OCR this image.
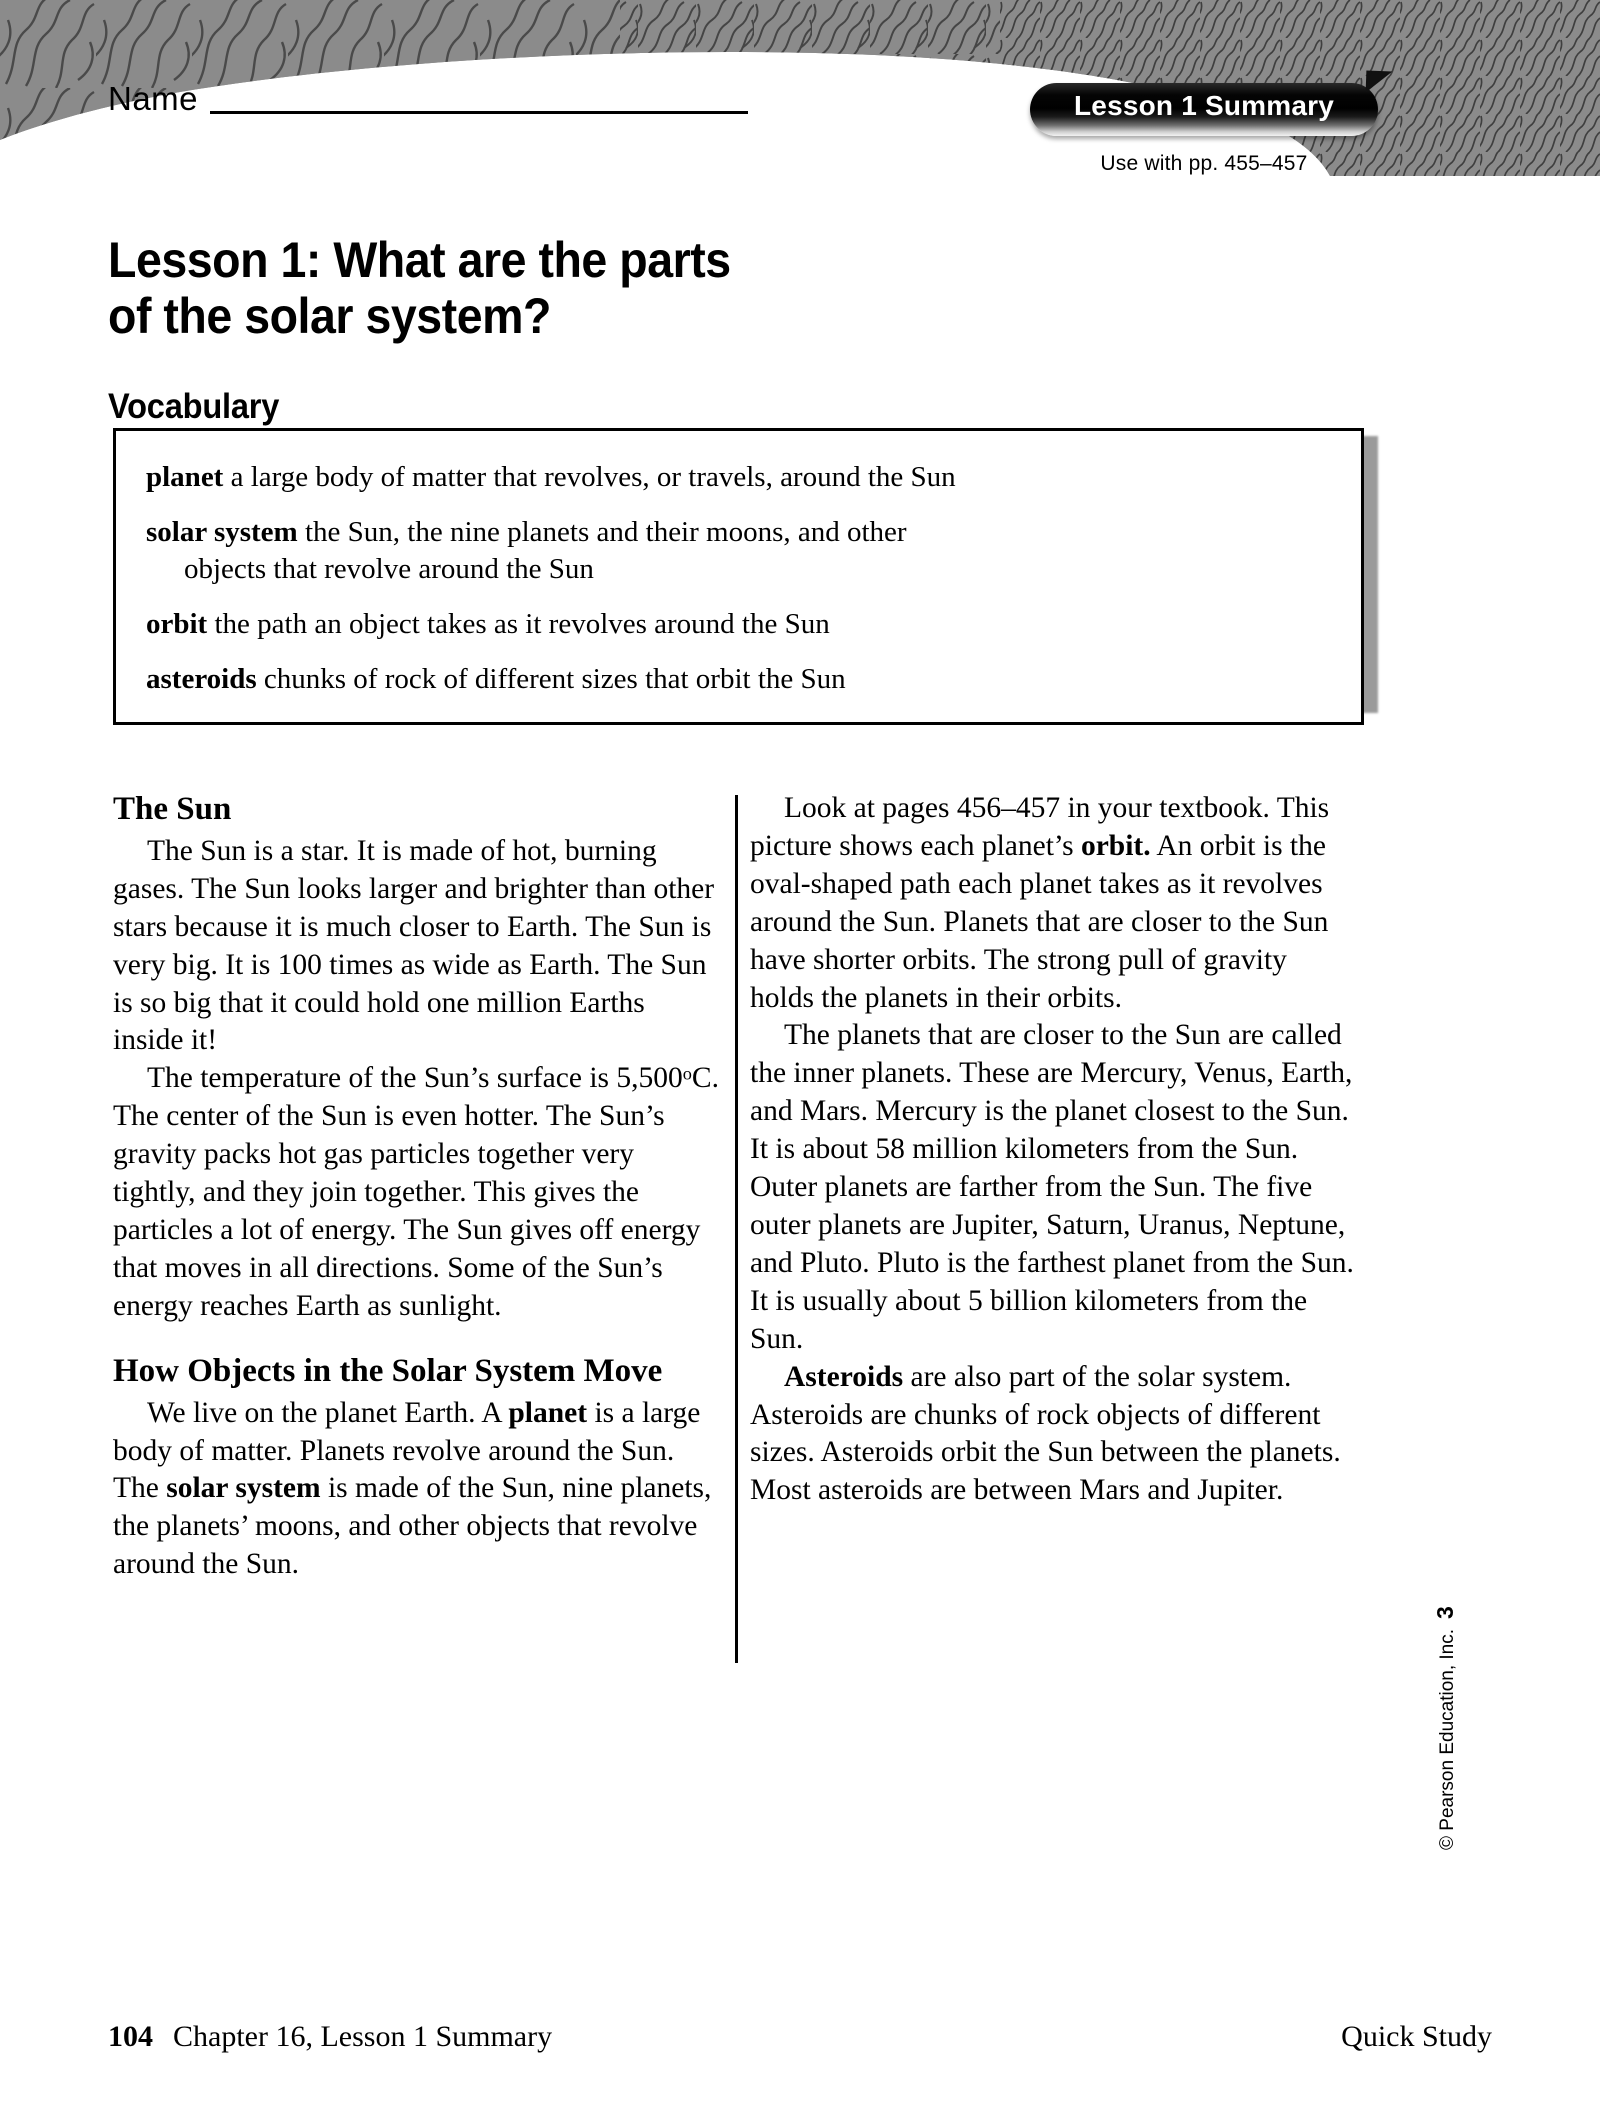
Name	Lesson 1 Summary
Use with pp. 455–457
Lesson 1: What are the parts
of the solar system?
Vocabulary
planet a large body of matter that revolves, or travels, around the Sun
solar system the Sun, the nine planets and their moons, and other
objects that revolve around the Sun
orbit the path an object takes as it revolves around the Sun
asteroids chunks of rock of different sizes that orbit the Sun
The Sun

The Sun is a star. It is made of hot, burning gases. The Sun looks larger and brighter than other stars because it is much closer to Earth. The Sun is very big. It is 100 times as wide as Earth. The Sun is so big that it could hold one million Earths inside it!

The temperature of the Sun’s surface is 5,500$^o$C. The center of the Sun is even hotter. The Sun’s gravity packs hot gas particles together very tightly, and they join together. This gives the particles a lot of energy. The Sun gives off energy that moves in all directions. Some of the Sun’s energy reaches Earth as sunlight.

How Objects in the Solar System Move

We live on the planet Earth. A planet is a large body of matter. Planets revolve around the Sun. The solar system is made of the Sun, nine planets, the planets’ moons, and other objects that revolve around the Sun.

Look at pages 456–457 in your textbook. This picture shows each planet’s orbit. An orbit is the oval-shaped path each planet takes as it revolves around the Sun. Planets that are closer to the Sun have shorter orbits. The strong pull of gravity holds the planets in their orbits.

The planets that are closer to the Sun are called the inner planets. These are Mercury, Venus, Earth, and Mars. Mercury is the planet closest to the Sun. It is about 58 million kilometers from the Sun. Outer planets are farther from the Sun. The five outer planets are Jupiter, Saturn, Uranus, Neptune, and Pluto. Pluto is the farthest planet from the Sun. It is usually about 5 billion kilometers from the Sun.

Asteroids are also part of the solar system. Asteroids are chunks of rock objects of different sizes. Asteroids orbit the Sun between the planets. Most asteroids are between Mars and Jupiter.

© Pearson Education, Inc.3
104 Chapter 16, Lesson 1 Summary	Quick Study
